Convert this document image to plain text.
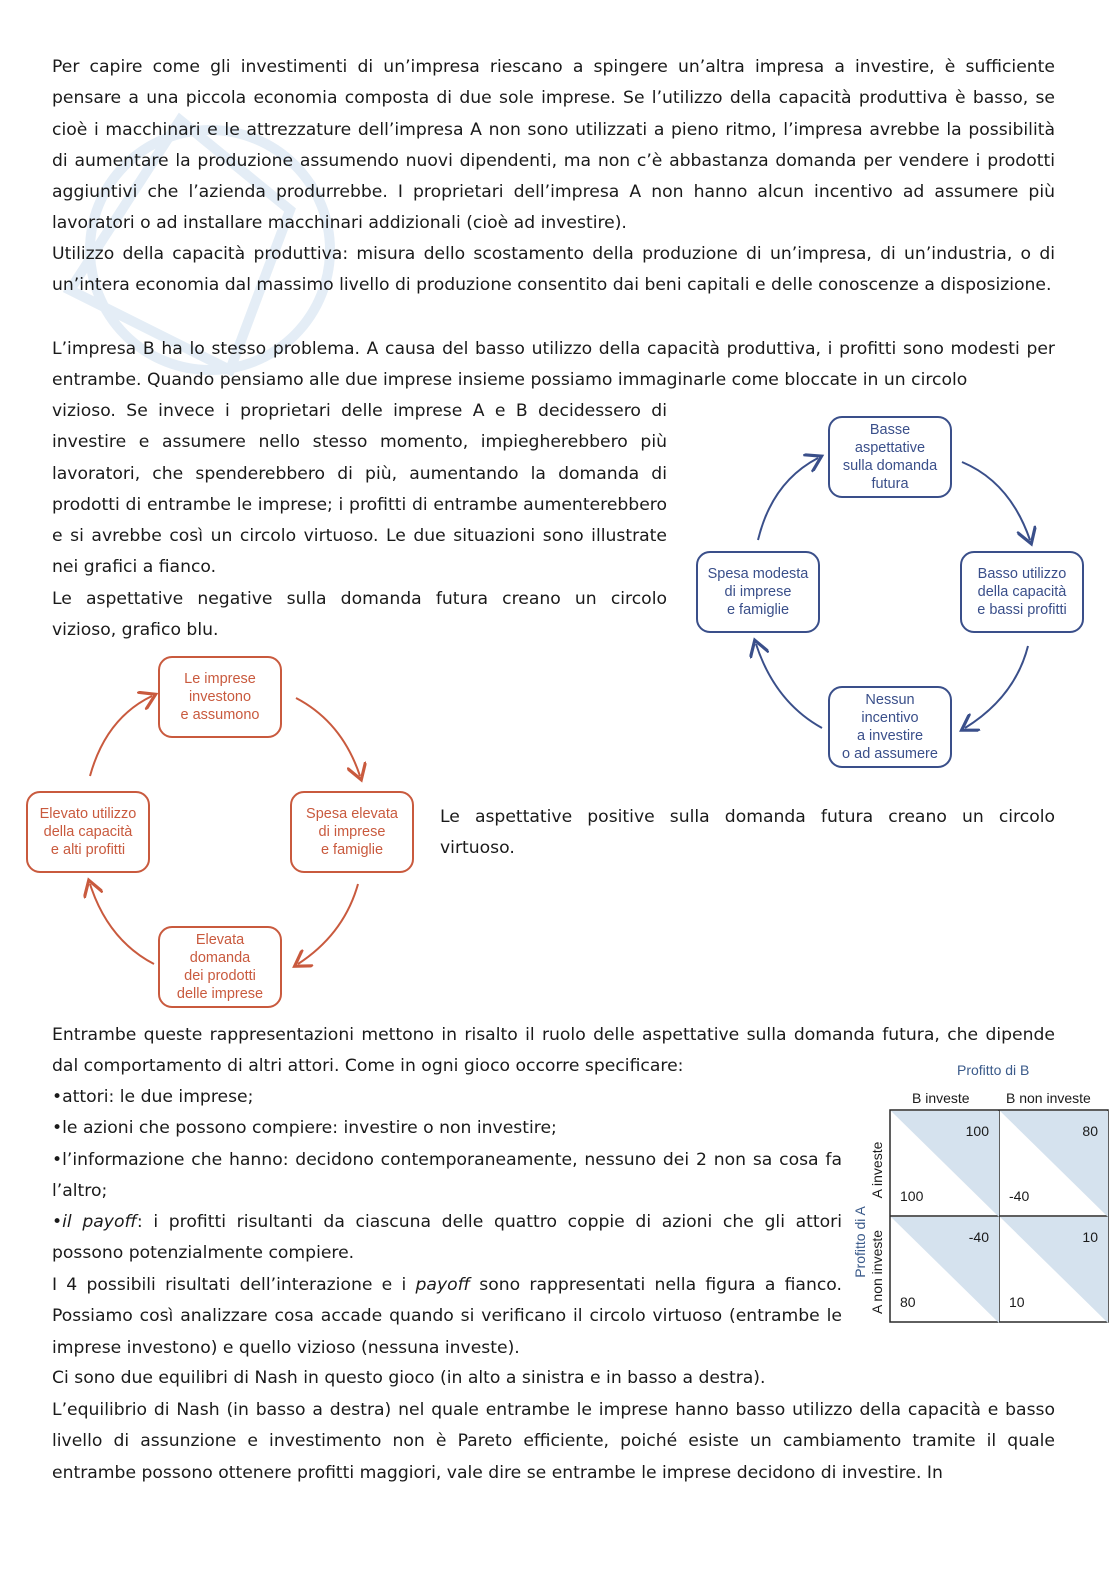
Per capire come gli investimenti di un’impresa riescano a spingere un’altra impresa a investire, è sufficiente pensare a una piccola economia composta di due sole imprese. Se l’utilizzo della capacità produttiva è basso, se cioè i macchinari e le attrezzature dell’impresa A non sono utilizzati a pieno ritmo, l’impresa avrebbe la possibilità di aumentare la produzione assumendo nuovi dipendenti, ma non c’è abbastanza domanda per vendere i prodotti aggiuntivi che l’azienda produrrebbe. I proprietari dell’impresa A non hanno alcun incentivo ad assumere più lavoratori o ad installare macchinari addizionali (cioè ad investire).

Utilizzo della capacità produttiva: misura dello scostamento della produzione di un’impresa, di un’industria, o di un’intera economia dal massimo livello di produzione consentito dai beni capitali e delle conoscenze a disposizione.

L’impresa B ha lo stesso problema. A causa del basso utilizzo della capacità produttiva, i profitti sono modesti per entrambe. Quando pensiamo alle due imprese insieme possiamo immaginarle come bloccate in un circolo

vizioso. Se invece i proprietari delle imprese A e B decidessero di investire e assumere nello stesso momento, impiegherebbero più lavoratori, che spenderebbero di più, aumentando la domanda di prodotti di entrambe le imprese; i profitti di entrambe aumenterebbero e si avrebbe così un circolo virtuoso. Le due situazioni sono illustrate nei grafici a fianco.

Le aspettative negative sulla domanda futura creano un circolo vizioso, grafico blu.

Basse
aspettative
sulla domanda
futura
Basso utilizzo
della capacità
e bassi profitti
Nessun
incentivo
a investire
o ad assumere
Spesa modesta
di imprese
e famiglie
Le imprese
investono
e assumono
Spesa elevata
di imprese
e famiglie
Elevata
domanda
dei prodotti
delle imprese
Elevato utilizzo
della capacità
e alti profitti

Le aspettative positive sulla domanda futura creano un circolo virtuoso.

Entrambe queste rappresentazioni mettono in risalto il ruolo delle aspettative sulla domanda futura, che dipende dal comportamento di altri attori. Come in ogni gioco occorre specificare:

•attori: le due imprese;

•le azioni che possono compiere: investire o non investire;

•l’informazione che hanno: decidono contemporaneamente, nessuno dei 2 non sa cosa fa l’altro;

•il payoff: i profitti risultanti da ciascuna delle quattro coppie di azioni che gli attori possono potenzialmente compiere.

I 4 possibili risultati dell’interazione e i payoff sono rappresentati nella figura a fianco. Possiamo così analizzare cosa accade quando si verificano il circolo virtuoso (entrambe le imprese investono) e quello vizioso (nessuna investe).

Ci sono due equilibri di Nash in questo gioco (in alto a sinistra e in basso a destra).

L’equilibrio di Nash (in basso a destra) nel quale entrambe le imprese hanno basso utilizzo della capacità e basso livello di assunzione e investimento non è Pareto efficiente, poiché esiste un cambiamento tramite il quale entrambe possono ottenere profitti maggiori, vale dire se entrambe le imprese decidono di investire. In

Profitto di B
B investe	B non investe
Profitto di A
A investe
A non investe
100
100
80
-40
-40
80
10
10
